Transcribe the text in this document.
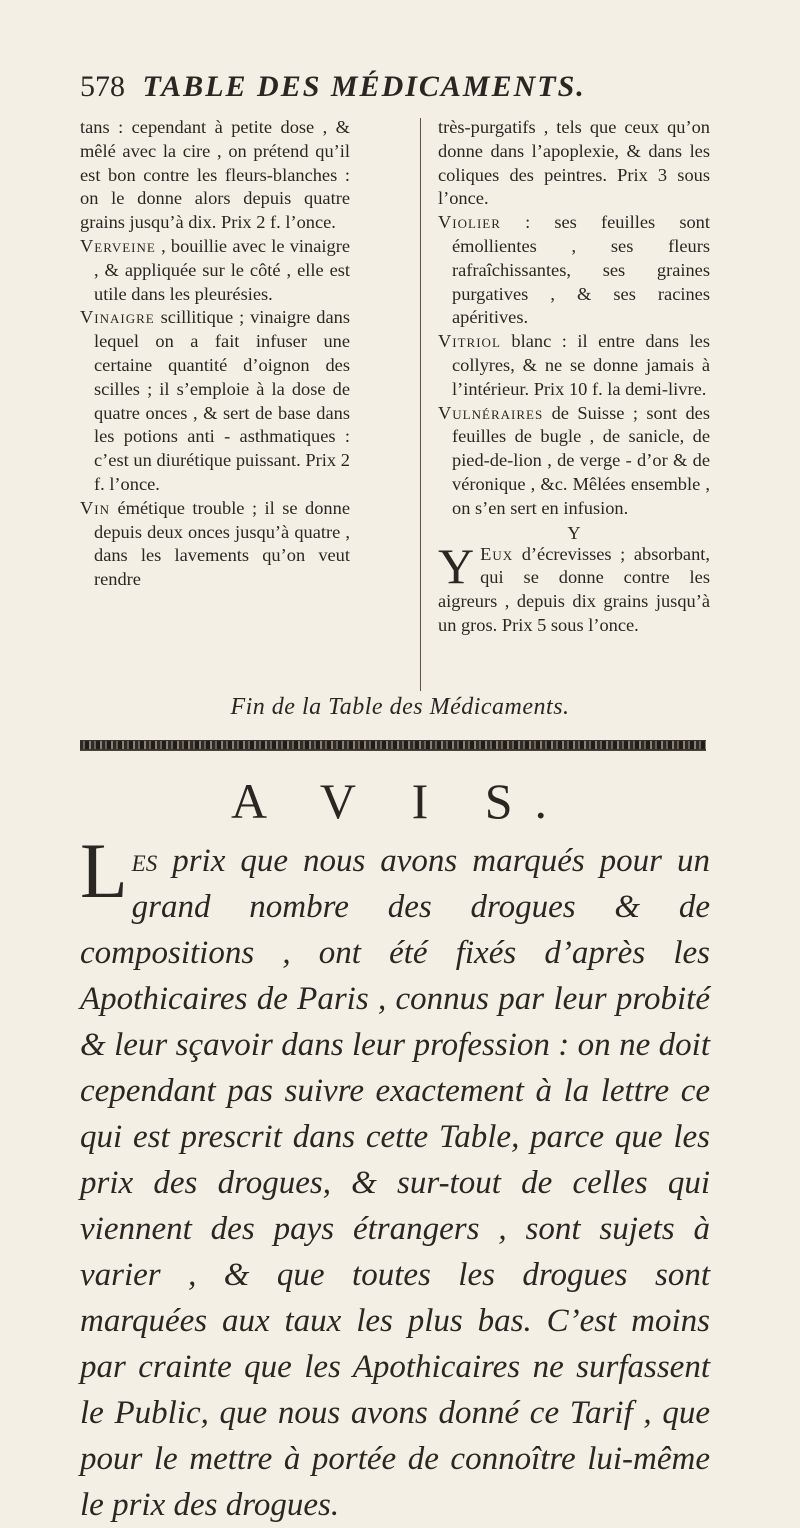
578 TABLE DES MÉDICAMENTS.

tans : cependant à petite dose , & mêlé avec la cire , on prétend qu’il est bon contre les fleurs-blanches : on le donne alors depuis quatre grains jusqu’à dix. Prix 2 f. l’once.

Verveine , bouillie avec le vinaigre , & appliquée sur le côté , elle est utile dans les pleurésies.

Vinaigre scillitique ; vinaigre dans lequel on a fait infuser une certaine quantité d’oignon des scilles ; il s’emploie à la dose de quatre onces , & sert de base dans les potions anti - asthmatiques : c’est un diurétique puissant. Prix 2 f. l’once.

Vin émétique trouble ; il se donne depuis deux onces jusqu’à quatre , dans les lavements qu’on veut rendre

très-purgatifs , tels que ceux qu’on donne dans l’apoplexie, & dans les coliques des peintres. Prix 3 sous l’once.

Violier : ses feuilles sont émollientes , ses fleurs rafraîchissantes, ses graines purgatives , & ses racines apéritives.

Vitriol blanc : il entre dans les collyres, & ne se donne jamais à l’intérieur. Prix 10 f. la demi-livre.

Vulnéraires de Suisse ; sont des feuilles de bugle , de sanicle, de pied-de-lion , de verge - d’or & de véronique , &c. Mêlées ensemble , on s’en sert en infusion.

Y

Y Eux d’écrevisses ; absorbant, qui se donne contre les aigreurs , depuis dix grains jusqu’à un gros. Prix 5 sous l’once.
Fin de la Table des Médicaments.
A V I S.
L es prix que nous avons marqués pour un grand nombre des drogues & de compositions , ont été fixés d’après les Apothicaires de Paris , connus par leur probité & leur sçavoir dans leur profession : on ne doit cependant pas suivre exactement à la lettre ce qui est prescrit dans cette Table, parce que les prix des drogues, & sur-tout de celles qui viennent des pays étrangers , sont sujets à varier , & que toutes les drogues sont marquées aux taux les plus bas. C’est moins par crainte que les Apothicaires ne surfassent le Public, que nous avons donné ce Tarif , que pour le mettre à portée de connoître lui-même le prix des drogues.
